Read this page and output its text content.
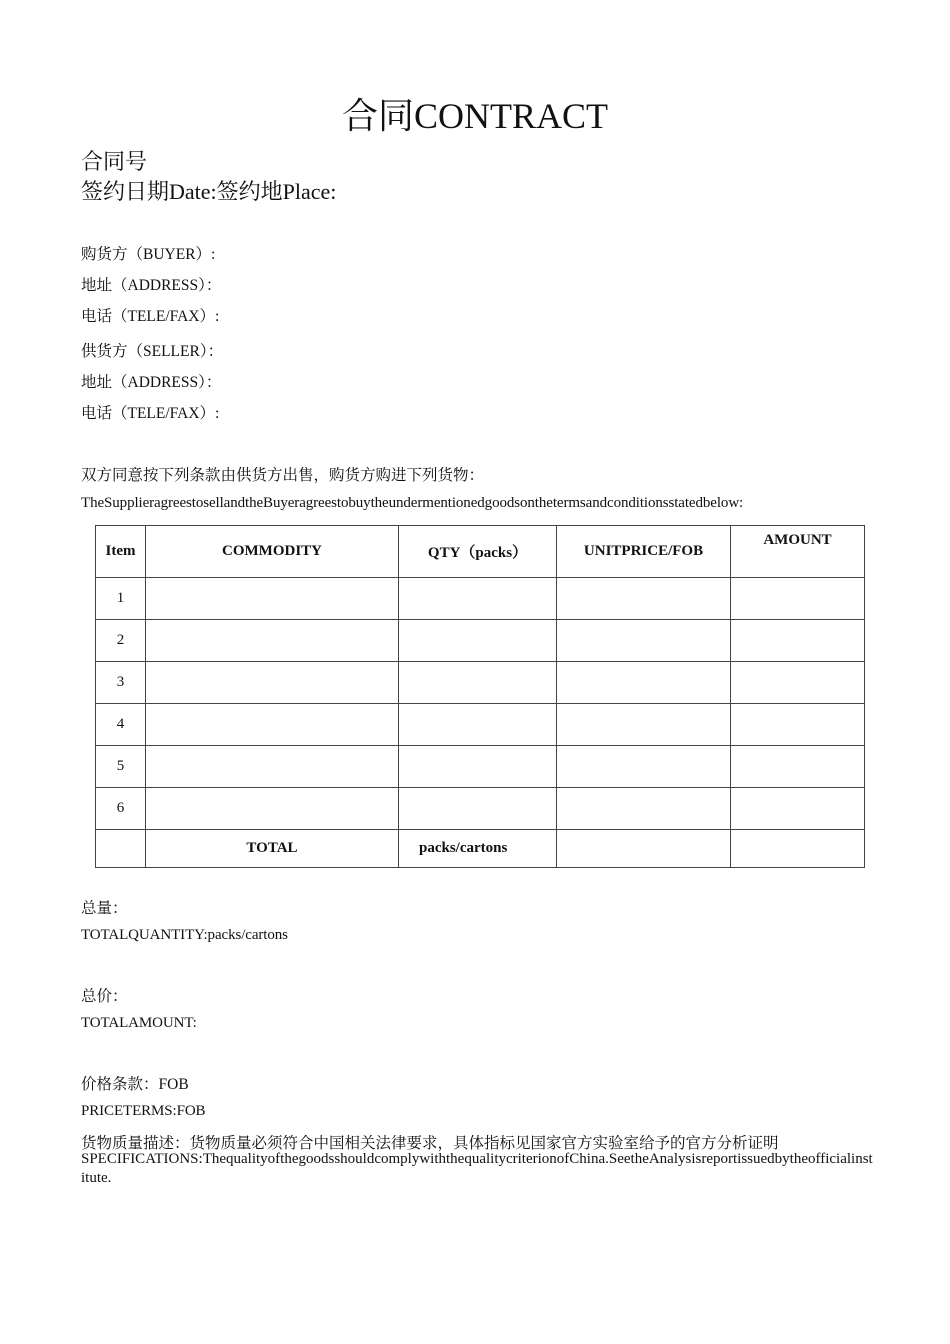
合同CONTRACT
合同号
签约日期Date:签约地Place:
购货方（BUYER）:
地址（ADDRESS）：
电话（TELE/FAX）:
供货方（SELLER）：
地址（ADDRESS）：
电话（TELE/FAX）:
双方同意按下列条款由供货方出售，购货方购进下列货物：
TheSupplieragreestosellandtheBuyeragreestobuytheundermentionedgoodsonthetermsandconditionsstatedbelow:
Item	COMMODITY	QTY（packs）	UNITPRICE/FOB	AMOUNT
1				
2				
3				
4				
5				
6				
	TOTAL	packs/cartons		
总量：
TOTALQUANTITY:packs/cartons
总价：
TOTALAMOUNT:
价格条款：FOB
PRICETERMS:FOB
货物质量描述：货物质量必须符合中国相关法律要求，具体指标见国家官方实验室给予的官方分析证明
SPECIFICATIONS:ThequalityofthegoodsshouldcomplywiththequalitycriterionofChina.SeetheAnalysisreportissuedbytheofficialinstitute.
